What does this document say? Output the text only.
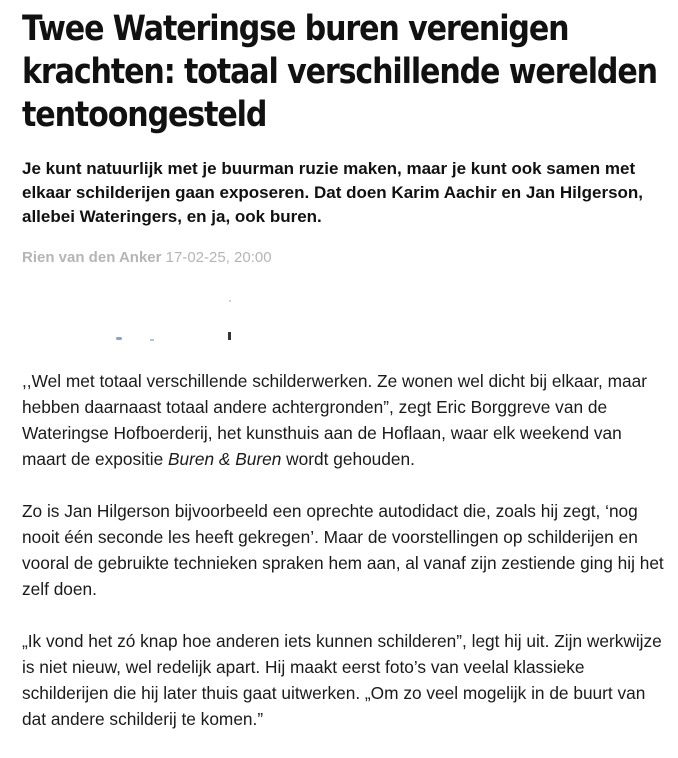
Twee Wateringse buren verenigen krachten: totaal verschillende werelden tentoongesteld

Je kunt natuurlijk met je buurman ruzie maken, maar je kunt ook samen met elkaar schilderijen gaan exposeren. Dat doen Karim Aachir en Jan Hilgerson, allebei Wateringers, en ja, ook buren.

Rien van den Anker 17-02-25, 20:00

,,Wel met totaal verschillende schilderwerken. Ze wonen wel dicht bij elkaar, maar hebben daarnaast totaal andere achtergronden”, zegt Eric Borggreve van de Wateringse Hofboerderij, het kunsthuis aan de Hoflaan, waar elk weekend van maart de expositie Buren & Buren wordt gehouden.

Zo is Jan Hilgerson bijvoorbeeld een oprechte autodidact die, zoals hij zegt, ‘nog nooit één seconde les heeft gekregen’. Maar de voorstellingen op schilderijen en vooral de gebruikte technieken spraken hem aan, al vanaf zijn zestiende ging hij het zelf doen.

„Ik vond het zó knap hoe anderen iets kunnen schilderen”, legt hij uit. Zijn werkwijze is niet nieuw, wel redelijk apart. Hij maakt eerst foto’s van veelal klassieke schilderijen die hij later thuis gaat uitwerken. „Om zo veel mogelijk in de buurt van dat andere schilderij te komen.”
